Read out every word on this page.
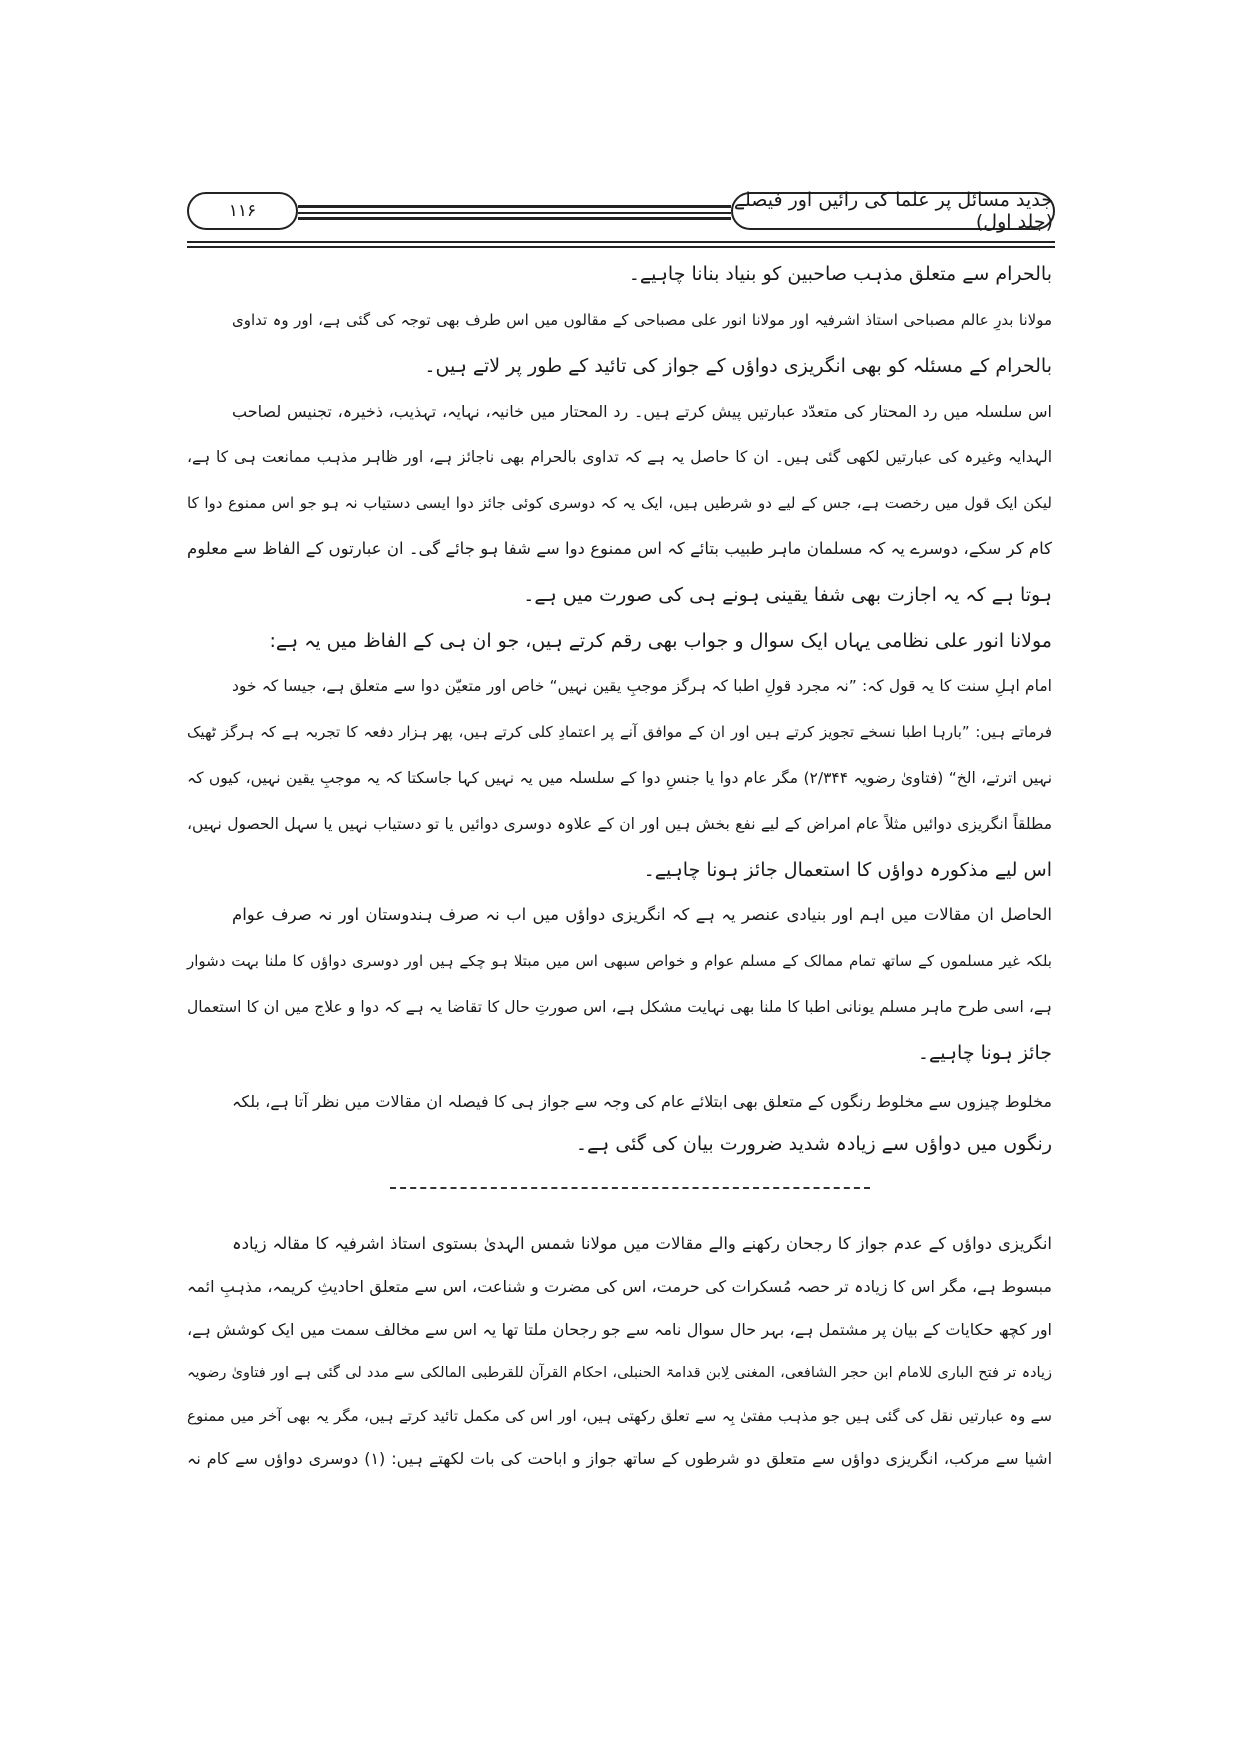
۱۱۶	جدید مسائل پر علما کی رائیں اور فیصلے (جلد اول)
بالحرام سے متعلق مذہب صاحبین کو بنیاد بنانا چاہیے۔
مولانا بدرِ عالم مصباحی استاذ اشرفیہ اور مولانا انور علی مصباحی کے مقالوں میں اس طرف بھی توجہ کی گئی ہے، اور وہ تداوی
بالحرام کے مسئلہ کو بھی انگریزی دواؤں کے جواز کی تائید کے طور پر لاتے ہیں۔
اس سلسلہ میں رد المحتار کی متعدّد عبارتیں پیش کرتے ہیں۔ رد المحتار میں خانیہ، نہایہ، تہذیب، ذخیرہ، تجنیس لصاحب
الہدایہ وغیرہ کی عبارتیں لکھی گئی ہیں۔ ان کا حاصل یہ ہے کہ تداوی بالحرام بھی ناجائز ہے، اور ظاہر مذہب ممانعت ہی کا ہے،
لیکن ایک قول میں رخصت ہے، جس کے لیے دو شرطیں ہیں، ایک یہ کہ دوسری کوئی جائز دوا ایسی دستیاب نہ ہو جو اس ممنوع دوا کا
کام کر سکے، دوسرے یہ کہ مسلمان ماہر طبیب بتائے کہ اس ممنوع دوا سے شفا ہو جائے گی۔ ان عبارتوں کے الفاظ سے معلوم
ہوتا ہے کہ یہ اجازت بھی شفا یقینی ہونے ہی کی صورت میں ہے۔
مولانا انور علی نظامی یہاں ایک سوال و جواب بھی رقم کرتے ہیں، جو ان ہی کے الفاظ میں یہ ہے:
امام اہلِ سنت کا یہ قول کہ: ”نہ مجرد قولِ اطبا کہ ہرگز موجبِ یقین نہیں“ خاص اور متعیّن دوا سے متعلق ہے، جیسا کہ خود
فرماتے ہیں: ”بارہا اطبا نسخے تجویز کرتے ہیں اور ان کے موافق آنے پر اعتمادِ کلی کرتے ہیں، پھر ہزار دفعہ کا تجربہ ہے کہ ہرگز ٹھیک
نہیں اترتے، الخ“ (فتاویٰ رضویہ ۲/۳۴۴) مگر عام دوا یا جنسِ دوا کے سلسلہ میں یہ نہیں کہا جاسکتا کہ یہ موجبِ یقین نہیں، کیوں کہ
مطلقاً انگریزی دوائیں مثلاً عام امراض کے لیے نفع بخش ہیں اور ان کے علاوہ دوسری دوائیں یا تو دستیاب نہیں یا سہل الحصول نہیں،
اس لیے مذکورہ دواؤں کا استعمال جائز ہونا چاہیے۔
الحاصل ان مقالات میں اہم اور بنیادی عنصر یہ ہے کہ انگریزی دواؤں میں اب نہ صرف ہندوستان اور نہ صرف عوام
بلکہ غیر مسلموں کے ساتھ تمام ممالک کے مسلم عوام و خواص سبھی اس میں مبتلا ہو چکے ہیں اور دوسری دواؤں کا ملنا بہت دشوار
ہے، اسی طرح ماہر مسلم یونانی اطبا کا ملنا بھی نہایت مشکل ہے، اس صورتِ حال کا تقاضا یہ ہے کہ دوا و علاج میں ان کا استعمال
جائز ہونا چاہیے۔
مخلوط چیزوں سے مخلوط رنگوں کے متعلق بھی ابتلائے عام کی وجہ سے جواز ہی کا فیصلہ ان مقالات میں نظر آتا ہے، بلکہ
رنگوں میں دواؤں سے زیادہ شدید ضرورت بیان کی گئی ہے۔
انگریزی دواؤں کے عدم جواز کا رجحان رکھنے والے مقالات میں مولانا شمس الہدیٰ بستوی استاذ اشرفیہ کا مقالہ زیادہ
مبسوط ہے، مگر اس کا زیادہ تر حصہ مُسکرات کی حرمت، اس کی مضرت و شناعت، اس سے متعلق احادیثِ کریمہ، مذہبِ ائمہ
اور کچھ حکایات کے بیان پر مشتمل ہے، بہر حال سوال نامہ سے جو رجحان ملتا تھا یہ اس سے مخالف سمت میں ایک کوشش ہے،
زیادہ تر فتح الباری للامام ابن حجر الشافعی، المغنی لِابن قدامۃ الحنبلی، احکام القرآن للقرطبی المالکی سے مدد لی گئی ہے اور فتاویٰ رضویہ
سے وہ عبارتیں نقل کی گئی ہیں جو مذہب مفتیٰ بِہ سے تعلق رکھتی ہیں، اور اس کی مکمل تائید کرتے ہیں، مگر یہ بھی آخر میں ممنوع
اشیا سے مرکب، انگریزی دواؤں سے متعلق دو شرطوں کے ساتھ جواز و اباحت کی بات لکھتے ہیں: (۱) دوسری دواؤں سے کام نہ
